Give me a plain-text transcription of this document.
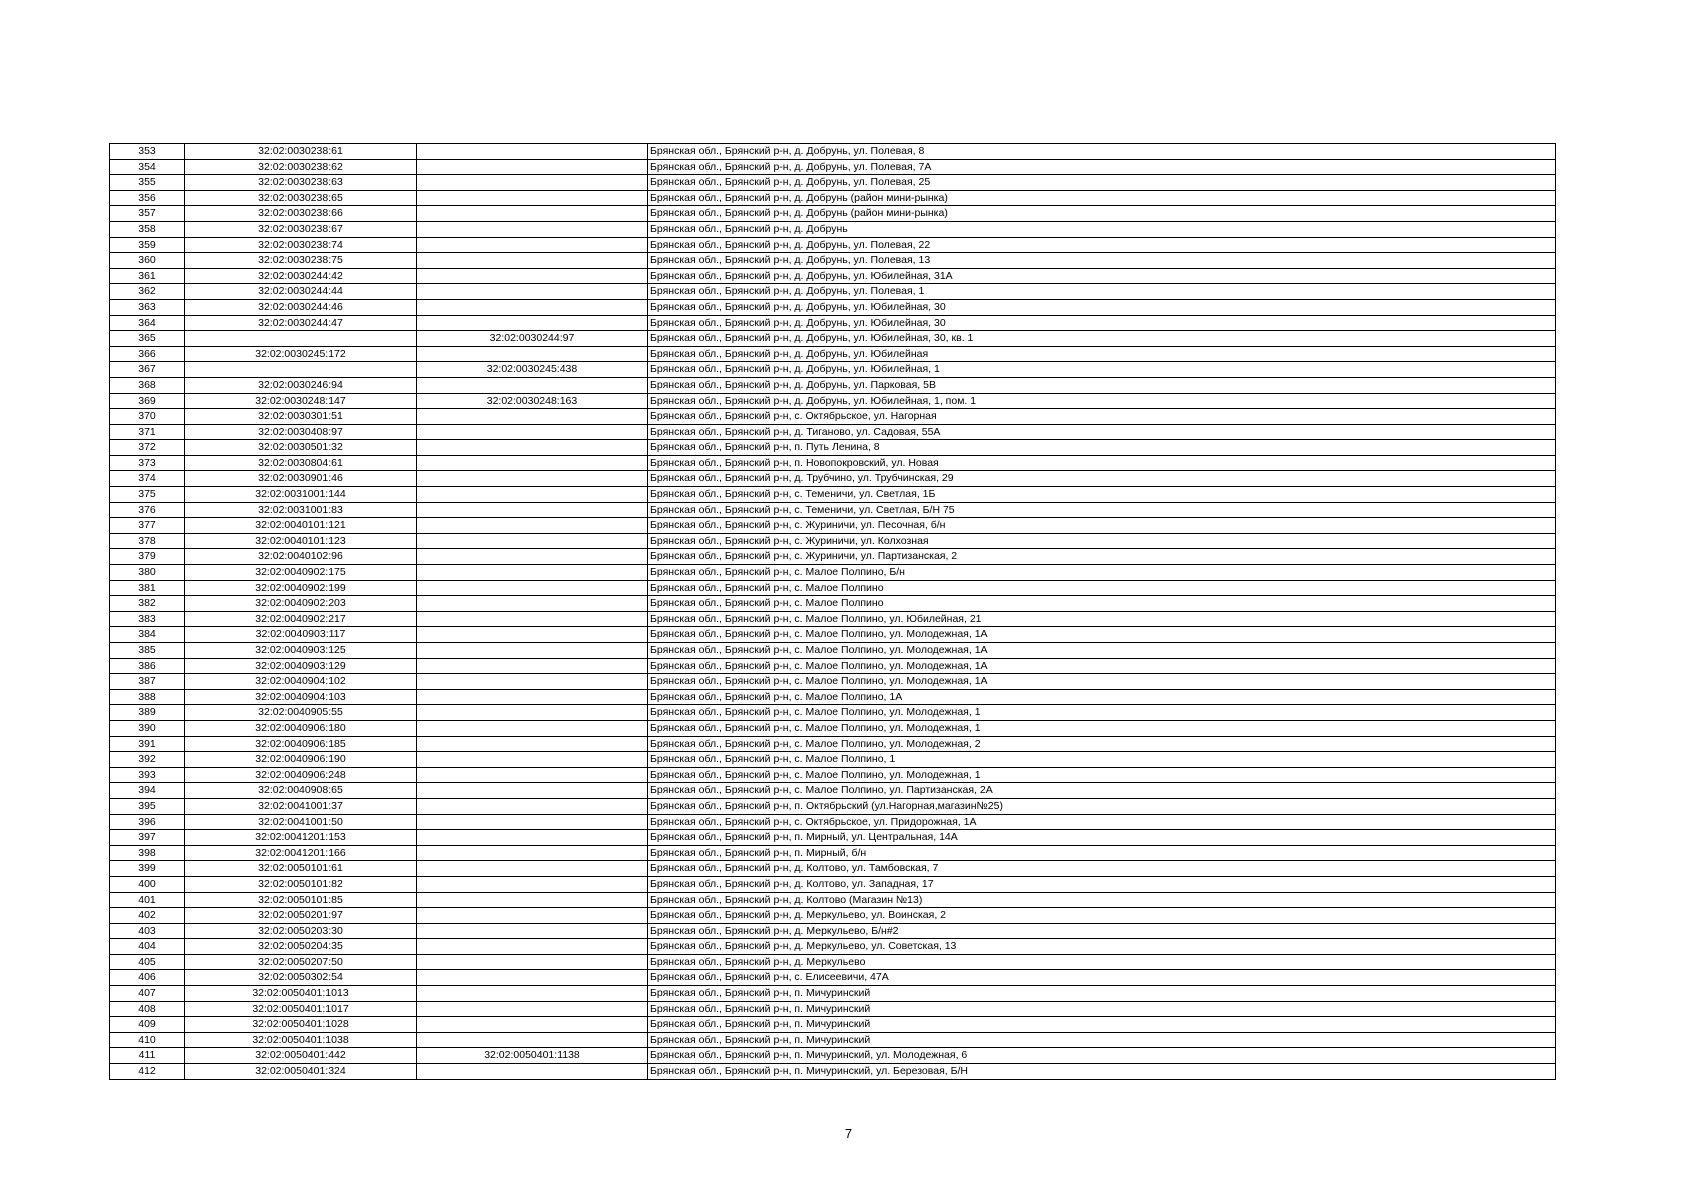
353	32:02:0030238:61		Брянская обл., Брянский р-н, д. Добрунь, ул. Полевая, 8
354	32:02:0030238:62		Брянская обл., Брянский р-н, д. Добрунь, ул. Полевая, 7А
355	32:02:0030238:63		Брянская обл., Брянский р-н, д. Добрунь, ул. Полевая, 25
356	32:02:0030238:65		Брянская обл., Брянский р-н, д. Добрунь (район мини-рынка)
357	32:02:0030238:66		Брянская обл., Брянский р-н, д. Добрунь (район мини-рынка)
358	32:02:0030238:67		Брянская обл., Брянский р-н, д. Добрунь
359	32:02:0030238:74		Брянская обл., Брянский р-н, д. Добрунь, ул. Полевая, 22
360	32:02:0030238:75		Брянская обл., Брянский р-н, д. Добрунь, ул. Полевая, 13
361	32:02:0030244:42		Брянская обл., Брянский р-н, д. Добрунь, ул. Юбилейная, 31А
362	32:02:0030244:44		Брянская обл., Брянский р-н, д. Добрунь, ул. Полевая, 1
363	32:02:0030244:46		Брянская обл., Брянский р-н, д. Добрунь, ул. Юбилейная, 30
364	32:02:0030244:47		Брянская обл., Брянский р-н, д. Добрунь, ул. Юбилейная, 30
365		32:02:0030244:97	Брянская обл., Брянский р-н, д. Добрунь, ул. Юбилейная, 30, кв. 1
366	32:02:0030245:172		Брянская обл., Брянский р-н, д. Добрунь, ул. Юбилейная
367		32:02:0030245:438	Брянская обл., Брянский р-н, д. Добрунь, ул. Юбилейная, 1
368	32:02:0030246:94		Брянская обл., Брянский р-н, д. Добрунь, ул. Парковая, 5В
369	32:02:0030248:147	32:02:0030248:163	Брянская обл., Брянский р-н, д. Добрунь, ул. Юбилейная, 1, пом. 1
370	32:02:0030301:51		Брянская обл., Брянский р-н, с. Октябрьское, ул. Нагорная
371	32:02:0030408:97		Брянская обл., Брянский р-н, д. Тиганово, ул. Садовая, 55А
372	32:02:0030501:32		Брянская обл., Брянский р-н, п. Путь Ленина, 8
373	32:02:0030804:61		Брянская обл., Брянский р-н, п. Новопокровский, ул. Новая
374	32:02:0030901:46		Брянская обл., Брянский р-н, д. Трубчино, ул. Трубчинская, 29
375	32:02:0031001:144		Брянская обл., Брянский р-н, с. Теменичи, ул. Светлая, 1Б
376	32:02:0031001:83		Брянская обл., Брянский р-н, с. Теменичи, ул. Светлая, Б/Н 75
377	32:02:0040101:121		Брянская обл., Брянский р-н, с. Журиничи, ул. Песочная, б/н
378	32:02:0040101:123		Брянская обл., Брянский р-н, с. Журиничи, ул. Колхозная
379	32:02:0040102:96		Брянская обл., Брянский р-н, с. Журиничи, ул. Партизанская, 2
380	32:02:0040902:175		Брянская обл., Брянский р-н, с. Малое Полпино, Б/н
381	32:02:0040902:199		Брянская обл., Брянский р-н, с. Малое Полпино
382	32:02:0040902:203		Брянская обл., Брянский р-н, с. Малое Полпино
383	32:02:0040902:217		Брянская обл., Брянский р-н, с. Малое Полпино, ул. Юбилейная, 21
384	32:02:0040903:117		Брянская обл., Брянский р-н, с. Малое Полпино, ул. Молодежная, 1А
385	32:02:0040903:125		Брянская обл., Брянский р-н, с. Малое Полпино, ул. Молодежная, 1А
386	32:02:0040903:129		Брянская обл., Брянский р-н, с. Малое Полпино, ул. Молодежная, 1А
387	32:02:0040904:102		Брянская обл., Брянский р-н, с. Малое Полпино, ул. Молодежная, 1А
388	32:02:0040904:103		Брянская обл., Брянский р-н, с. Малое Полпино, 1А
389	32:02:0040905:55		Брянская обл., Брянский р-н, с. Малое Полпино, ул. Молодежная, 1
390	32:02:0040906:180		Брянская обл., Брянский р-н, с. Малое Полпино, ул. Молодежная, 1
391	32:02:0040906:185		Брянская обл., Брянский р-н, с. Малое Полпино, ул. Молодежная, 2
392	32:02:0040906:190		Брянская обл., Брянский р-н, с. Малое Полпино, 1
393	32:02:0040906:248		Брянская обл., Брянский р-н, с. Малое Полпино, ул. Молодежная, 1
394	32:02:0040908:65		Брянская обл., Брянский р-н, с. Малое Полпино, ул. Партизанская, 2А
395	32:02:0041001:37		Брянская обл., Брянский р-н, п. Октябрьский (ул.Нагорная,магазин№25)
396	32:02:0041001:50		Брянская обл., Брянский р-н, с. Октябрьское, ул. Придорожная, 1А
397	32:02:0041201:153		Брянская обл., Брянский р-н, п. Мирный, ул. Центральная, 14А
398	32:02:0041201:166		Брянская обл., Брянский р-н, п. Мирный, б/н
399	32:02:0050101:61		Брянская обл., Брянский р-н, д. Колтово, ул. Тамбовская, 7
400	32:02:0050101:82		Брянская обл., Брянский р-н, д. Колтово, ул. Западная, 17
401	32:02:0050101:85		Брянская обл., Брянский р-н, д. Колтово (Магазин №13)
402	32:02:0050201:97		Брянская обл., Брянский р-н, д. Меркульево, ул. Воинская, 2
403	32:02:0050203:30		Брянская обл., Брянский р-н, д. Меркульево, Б/н#2
404	32:02:0050204:35		Брянская обл., Брянский р-н, д. Меркульево, ул. Советская, 13
405	32:02:0050207:50		Брянская обл., Брянский р-н, д. Меркульево
406	32:02:0050302:54		Брянская обл., Брянский р-н, с. Елисеевичи, 47А
407	32:02:0050401:1013		Брянская обл., Брянский р-н, п. Мичуринский
408	32:02:0050401:1017		Брянская обл., Брянский р-н, п. Мичуринский
409	32:02:0050401:1028		Брянская обл., Брянский р-н, п. Мичуринский
410	32:02:0050401:1038		Брянская обл., Брянский р-н, п. Мичуринский
411	32:02:0050401:442	32:02:0050401:1138	Брянская обл., Брянский р-н, п. Мичуринский, ул. Молодежная, 6
412	32:02:0050401:324		Брянская обл., Брянский р-н, п. Мичуринский, ул. Березовая, Б/Н
7
